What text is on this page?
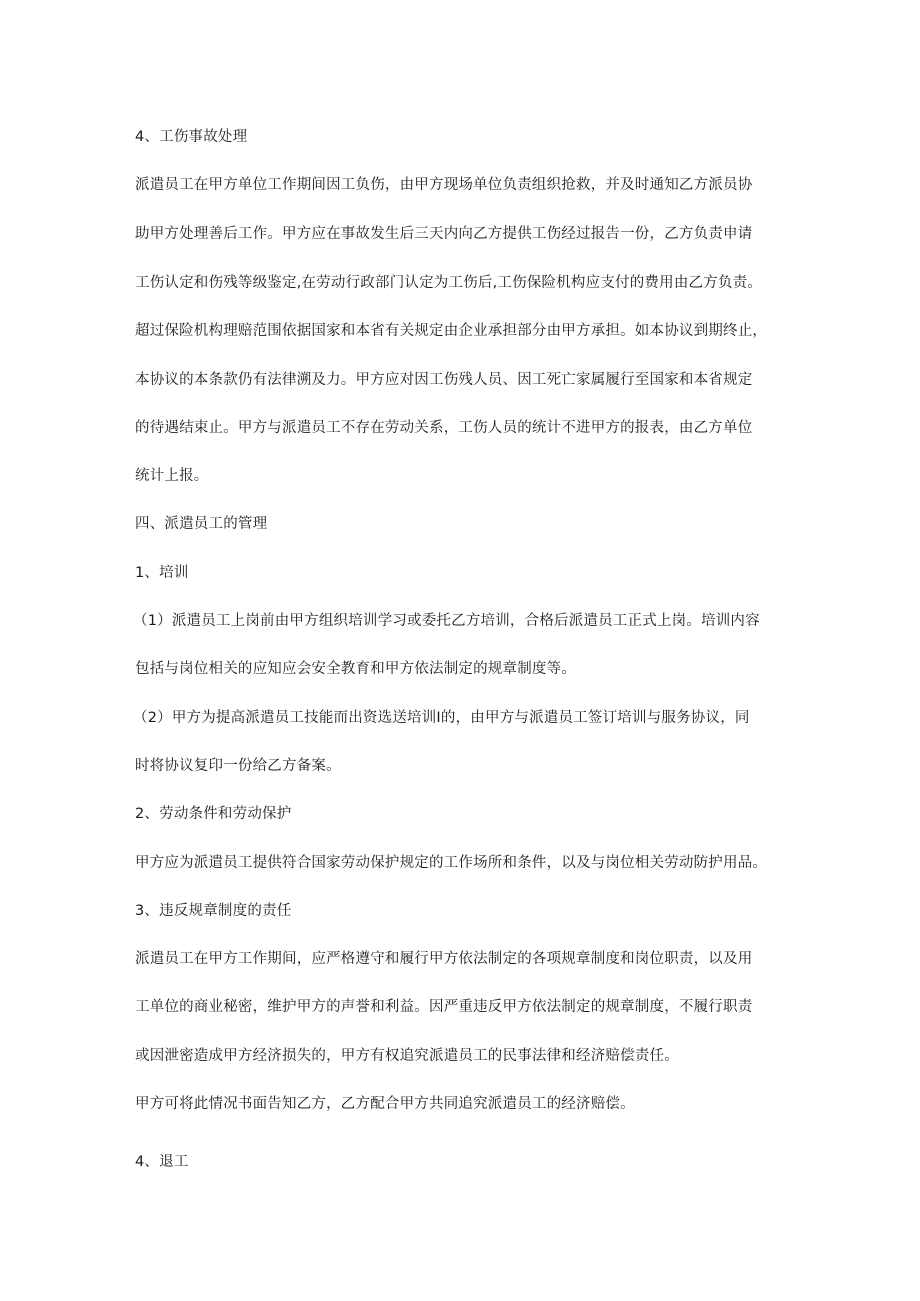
4、工伤事故处理

派遣员工在甲方单位工作期间因工负伤，由甲方现场单位负责组织抢救，并及时通知乙方派员协

助甲方处理善后工作。甲方应在事故发生后三天内向乙方提供工伤经过报告一份，乙方负责申请

工伤认定和伤残等级鉴定,在劳动行政部门认定为工伤后,工伤保险机构应支付的费用由乙方负责。

超过保险机构理赔范围依据国家和本省有关规定由企业承担部分由甲方承担。如本协议到期终止，

本协议的本条款仍有法律溯及力。甲方应对因工伤残人员、因工死亡家属履行至国家和本省规定

的待遇结束止。甲方与派遣员工不存在劳动关系，工伤人员的统计不进甲方的报表，由乙方单位

统计上报。

四、派遣员工的管理

1、培训

（1）派遣员工上岗前由甲方组织培训学习或委托乙方培训，合格后派遣员工正式上岗。培训内容

包括与岗位相关的应知应会安全教育和甲方依法制定的规章制度等。

（2）甲方为提高派遣员工技能而出资选送培训I的，由甲方与派遣员工签订培训与服务协议，同

时将协议复印一份给乙方备案。

2、劳动条件和劳动保护

甲方应为派遣员工提供符合国家劳动保护规定的工作场所和条件，以及与岗位相关劳动防护用品。

3、违反规章制度的责任

派遣员工在甲方工作期间，应严格遵守和履行甲方依法制定的各项规章制度和岗位职责，以及用

工单位的商业秘密，维护甲方的声誉和利益。因严重违反甲方依法制定的规章制度，不履行职责

或因泄密造成甲方经济损失的，甲方有权追究派遣员工的民事法律和经济赔偿责任。

甲方可将此情况书面告知乙方，乙方配合甲方共同追究派遣员工的经济赔偿。

4、退工
